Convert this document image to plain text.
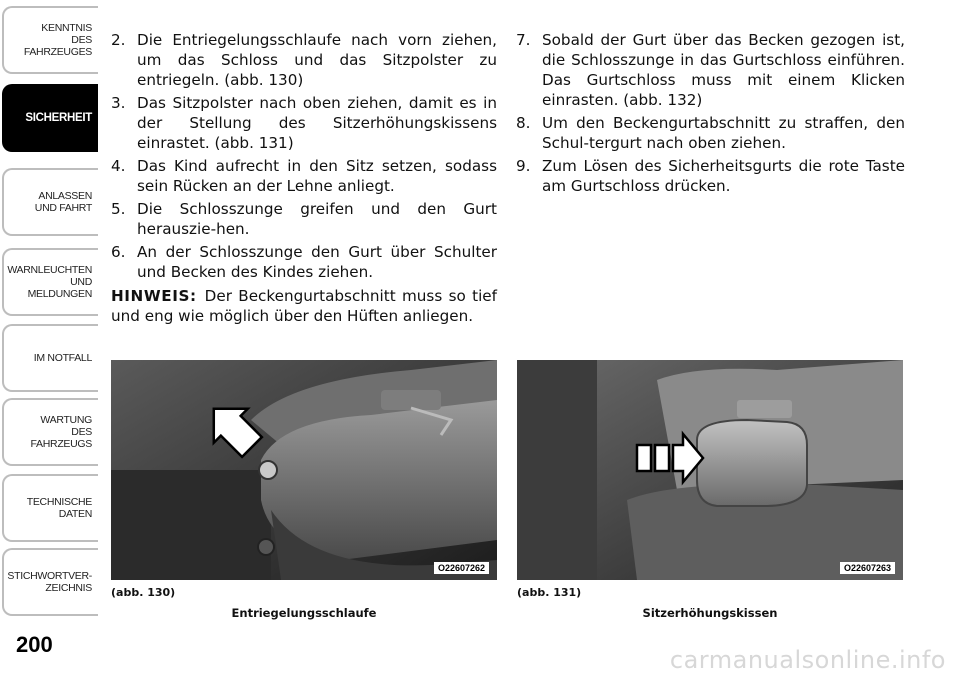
KENNTNIS
DES
FAHRZEUGES
SICHERHEIT
ANLASSEN
UND FAHRT
WARNLEUCHTEN
UND
MELDUNGEN
IM NOTFALL
WARTUNG
DES
FAHRZEUGS
TECHNISCHE
DATEN
STICHWORTVER-
ZEICHNIS
200
2. Die Entriegelungsschlaufe nach vorn ziehen, um das Schloss und das Sitzpolster zu entriegeln. (abb. 130)
3. Das Sitzpolster nach oben ziehen, damit es in der Stellung des Sitzerhöhungskissens einrastet. (abb. 131)
4. Das Kind aufrecht in den Sitz setzen, sodass sein Rücken an der Lehne anliegt.
5. Die Schlosszunge greifen und den Gurt herauszie-hen.
6. An der Schlosszunge den Gurt über Schulter und Becken des Kindes ziehen.

HINWEIS: Der Beckengurtabschnitt muss so tief und eng wie möglich über den Hüften anliegen.

7. Sobald der Gurt über das Becken gezogen ist, die Schlosszunge in das Gurtschloss einführen. Das Gurtschloss muss mit einem Klicken einrasten. (abb. 132)
8. Um den Beckengurtabschnitt zu straffen, den Schul-tergurt nach oben ziehen.
9. Zum Lösen des Sicherheitsgurts die rote Taste am Gurtschloss drücken.
O22607262	O22607263
(abb. 130)
Entriegelungsschlaufe
(abb. 131)
Sitzerhöhungskissen
carmanualsonline.info
